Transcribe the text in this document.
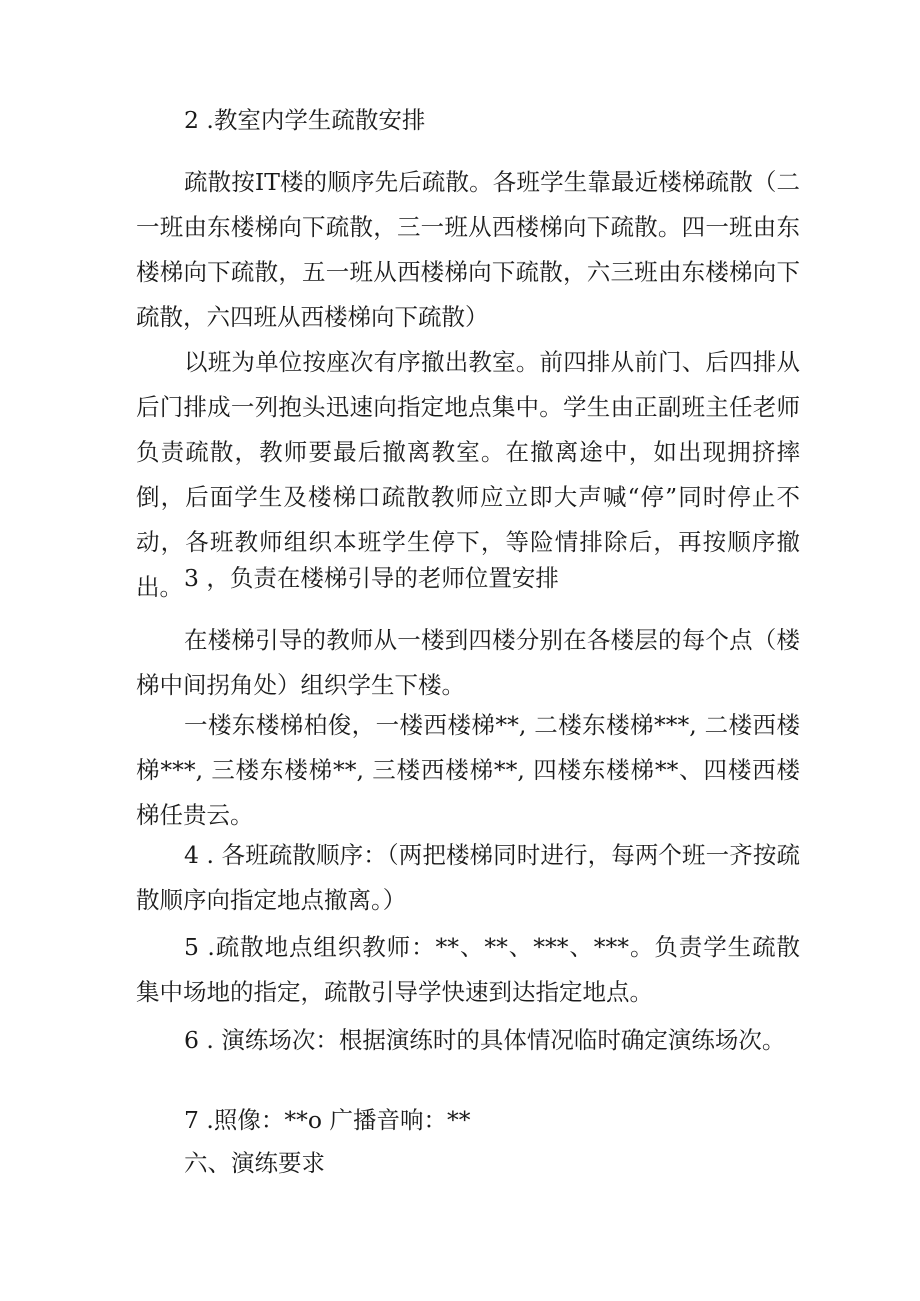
2 .教室内学生疏散安排

疏散按IT楼的顺序先后疏散。各班学生靠最近楼梯疏散（二一班由东楼梯向下疏散，三一班从西楼梯向下疏散。四一班由东楼梯向下疏散，五一班从西楼梯向下疏散，六三班由东楼梯向下疏散，六四班从西楼梯向下疏散）

以班为单位按座次有序撤出教室。前四排从前门、后四排从后门排成一列抱头迅速向指定地点集中。学生由正副班主任老师负责疏散，教师要最后撤离教室。在撤离途中，如出现拥挤摔倒，后面学生及楼梯口疏散教师应立即大声喊“停”同时停止不动，各班教师组织本班学生停下，等险情排除后，再按顺序撤出。 3 ，负责在楼梯引导的老师位置安排

在楼梯引导的教师从一楼到四楼分别在各楼层的每个点（楼梯中间拐角处）组织学生下楼。

一楼东楼梯柏俊，一楼西楼梯**, 二楼东楼梯***, 二楼西楼梯***, 三楼东楼梯**, 三楼西楼梯**, 四楼东楼梯**、四楼西楼梯任贵云。

4 . 各班疏散顺序：（两把楼梯同时进行，每两个班一齐按疏散顺序向指定地点撤离。）

5 .疏散地点组织教师：**、**、***、***。负责学生疏散集中场地的指定，疏散引导学快速到达指定地点。

6 . 演练场次：根据演练时的具体情况临时确定演练场次。

7 .照像：**o 广播音响：**

六、演练要求
